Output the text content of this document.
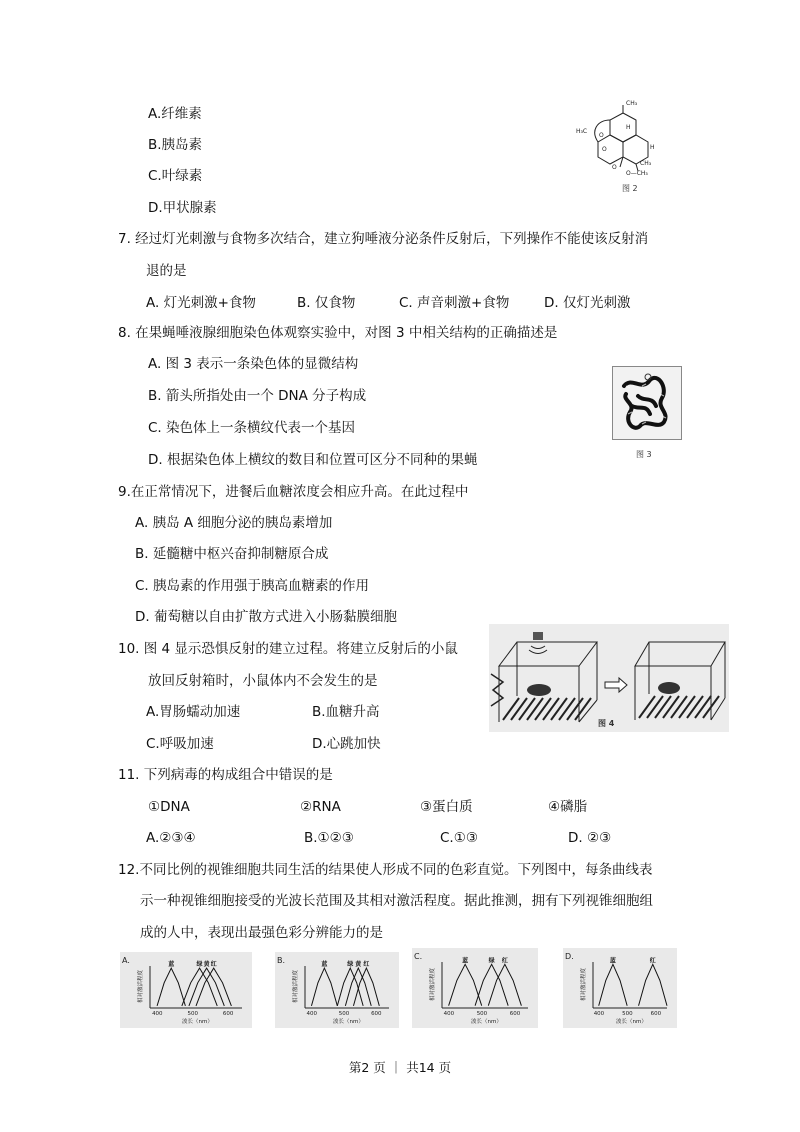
A.纤维素
B.胰岛素
C.叶绿素
D.甲状腺素
CH₃
H₃C
O
O
O
H
H
CH₃
O—CH₃
图 2
7. 经过灯光刺激与食物多次结合，建立狗唾液分泌条件反射后，下列操作不能使该反射消
退的是
A. 灯光刺激+食物	B. 仅食物	C. 声音刺激+食物	D. 仅灯光刺激
8. 在果蝇唾液腺细胞染色体观察实验中，对图 3 中相关结构的正确描述是
A. 图 3 表示一条染色体的显微结构
B. 箭头所指处由一个 DNA 分子构成
C. 染色体上一条横纹代表一个基因
D. 根据染色体上横纹的数目和位置可区分不同种的果蝇	图 3
9.在正常情况下，进餐后血糖浓度会相应升高。在此过程中
A. 胰岛 A 细胞分泌的胰岛素增加
B. 延髓糖中枢兴奋抑制糖原合成
C. 胰岛素的作用强于胰高血糖素的作用
D. 葡萄糖以自由扩散方式进入小肠黏膜细胞
10. 图 4 显示恐惧反射的建立过程。将建立反射后的小鼠
放回反射箱时，小鼠体内不会发生的是
A.胃肠蠕动加速	B.血糖升高
C.呼吸加速	D.心跳加快
图 4
11. 下列病毒的构成组合中错误的是
①DNA	②RNA	③蛋白质	④磷脂
A.②③④	B.①②③	C.①③	D. ②③
12.不同比例的视锥细胞共同生活的结果使人形成不同的色彩直觉。下列图中，每条曲线表
示一种视锥细胞接受的光波长范围及其相对激活程度。据此推测，拥有下列视锥细胞组
成的人中，表现出最强色彩分辨能力的是
A.
相对激活程度
400	500	600
波长（nm）
蓝	绿 黄 红	B.
相对激活程度
400	500	600
波长（nm）
蓝	绿 黄 红
C.
相对激活程度
400	500	600
波长（nm）
蓝	绿 红	D.
相对激活程度
400	500	600
波长（nm）
蓝	红
第2 页 ｜ 共14 页
